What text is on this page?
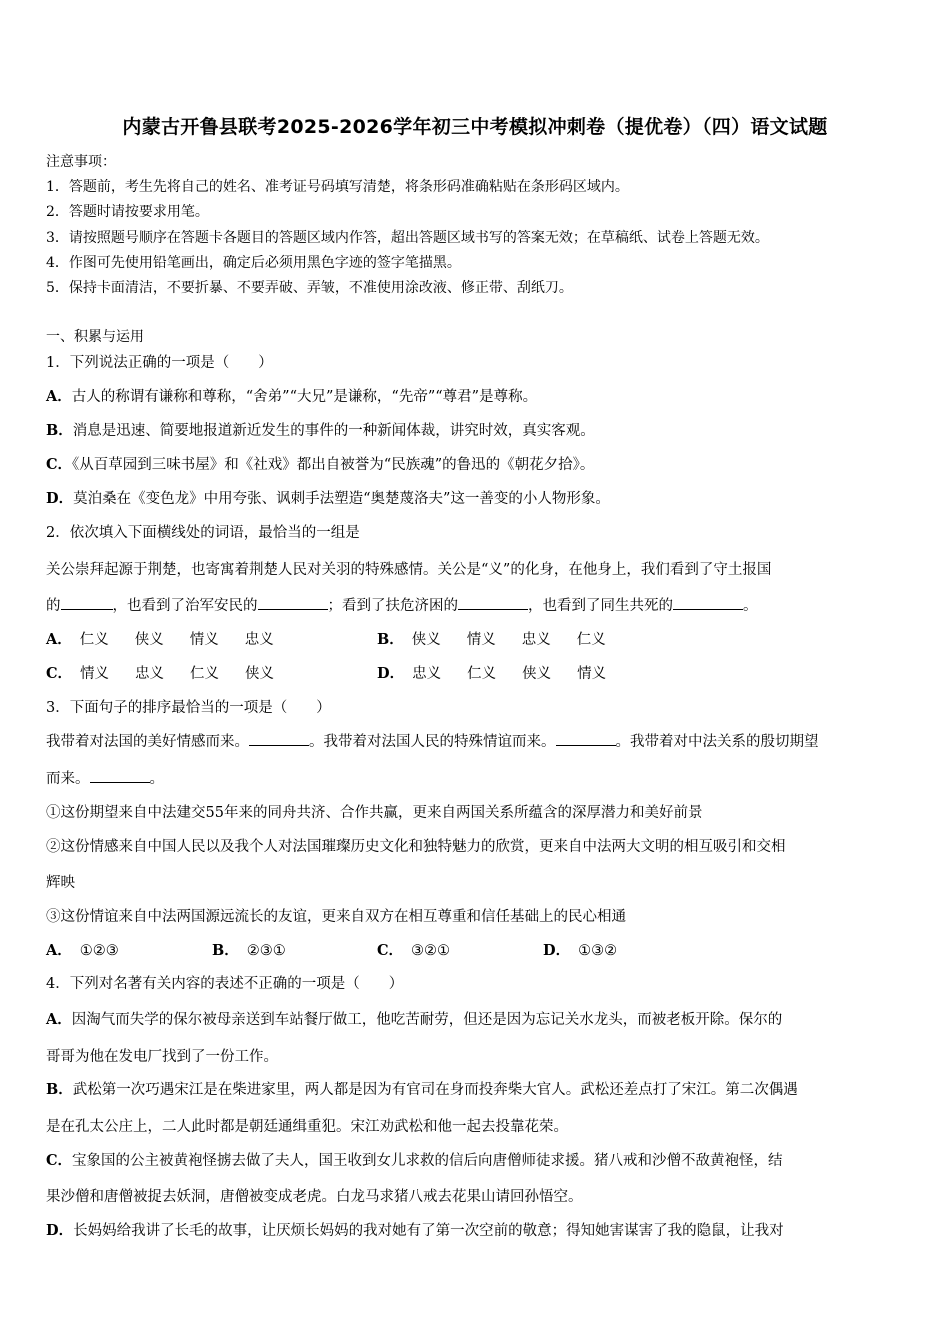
内蒙古开鲁县联考2025-2026学年初三中考模拟冲刺卷（提优卷）（四）语文试题
注意事项：
1．答题前，考生先将自己的姓名、准考证号码填写清楚，将条形码准确粘贴在条形码区域内。
2．答题时请按要求用笔。
3．请按照题号顺序在答题卡各题目的答题区域内作答，超出答题区域书写的答案无效；在草稿纸、试卷上答题无效。
4．作图可先使用铅笔画出，确定后必须用黑色字迹的签字笔描黑。
5．保持卡面清洁，不要折暴、不要弄破、弄皱，不准使用涂改液、修正带、刮纸刀。
一、积累与运用
1．下列说法正确的一项是（　　）
A．古人的称谓有谦称和尊称，“舍弟”“大兄”是谦称，“先帝”“尊君”是尊称。
B．消息是迅速、简要地报道新近发生的事件的一种新闻体裁，讲究时效，真实客观。
C．《从百草园到三味书屋》和《社戏》都出自被誉为“民族魂”的鲁迅的《朝花夕拾》。
D．莫泊桑在《变色龙》中用夸张、讽刺手法塑造“奥楚蔑洛夫”这一善变的小人物形象。
2．依次填入下面横线处的词语，最恰当的一组是
关公崇拜起源于荆楚，也寄寓着荆楚人民对关羽的特殊感情。关公是“义”的化身，在他身上，我们看到了守土报国
的	，也看到了治军安民的	；看到了扶危济困的	，也看到了同生共死的	。
A． 仁义 侠义 情义 忠义	B． 侠义 情义 忠义 仁义
C． 情义 忠义 仁义 侠义	D． 忠义 仁义 侠义 情义
3．下面句子的排序最恰当的一项是（　　）
我带着对法国的美好情感而来。	。我带着对法国人民的特殊情谊而来。	。我带着对中法关系的殷切期望
而来。	。
①这份期望来自中法建交55年来的同舟共济、合作共赢，更来自两国关系所蕴含的深厚潜力和美好前景
②这份情感来自中国人民以及我个人对法国璀璨历史文化和独特魅力的欣赏，更来自中法两大文明的相互吸引和交相
辉映
③这份情谊来自中法两国源远流长的友谊，更来自双方在相互尊重和信任基础上的民心相通
A． ①②③	B． ②③①	C． ③②①	D． ①③②
4．下列对名著有关内容的表述不正确的一项是（　　）
A．因淘气而失学的保尔被母亲送到车站餐厅做工，他吃苦耐劳，但还是因为忘记关水龙头，而被老板开除。保尔的
哥哥为他在发电厂找到了一份工作。
B．武松第一次巧遇宋江是在柴进家里，两人都是因为有官司在身而投奔柴大官人。武松还差点打了宋江。第二次偶遇
是在孔太公庄上，二人此时都是朝廷通缉重犯。宋江劝武松和他一起去投靠花荣。
C．宝象国的公主被黄袍怪掳去做了夫人，国王收到女儿求救的信后向唐僧师徒求援。猪八戒和沙僧不敌黄袍怪，结
果沙僧和唐僧被捉去妖洞，唐僧被变成老虎。白龙马求猪八戒去花果山请回孙悟空。
D．长妈妈给我讲了长毛的故事，让厌烦长妈妈的我对她有了第一次空前的敬意；得知她害谋害了我的隐鼠，让我对
